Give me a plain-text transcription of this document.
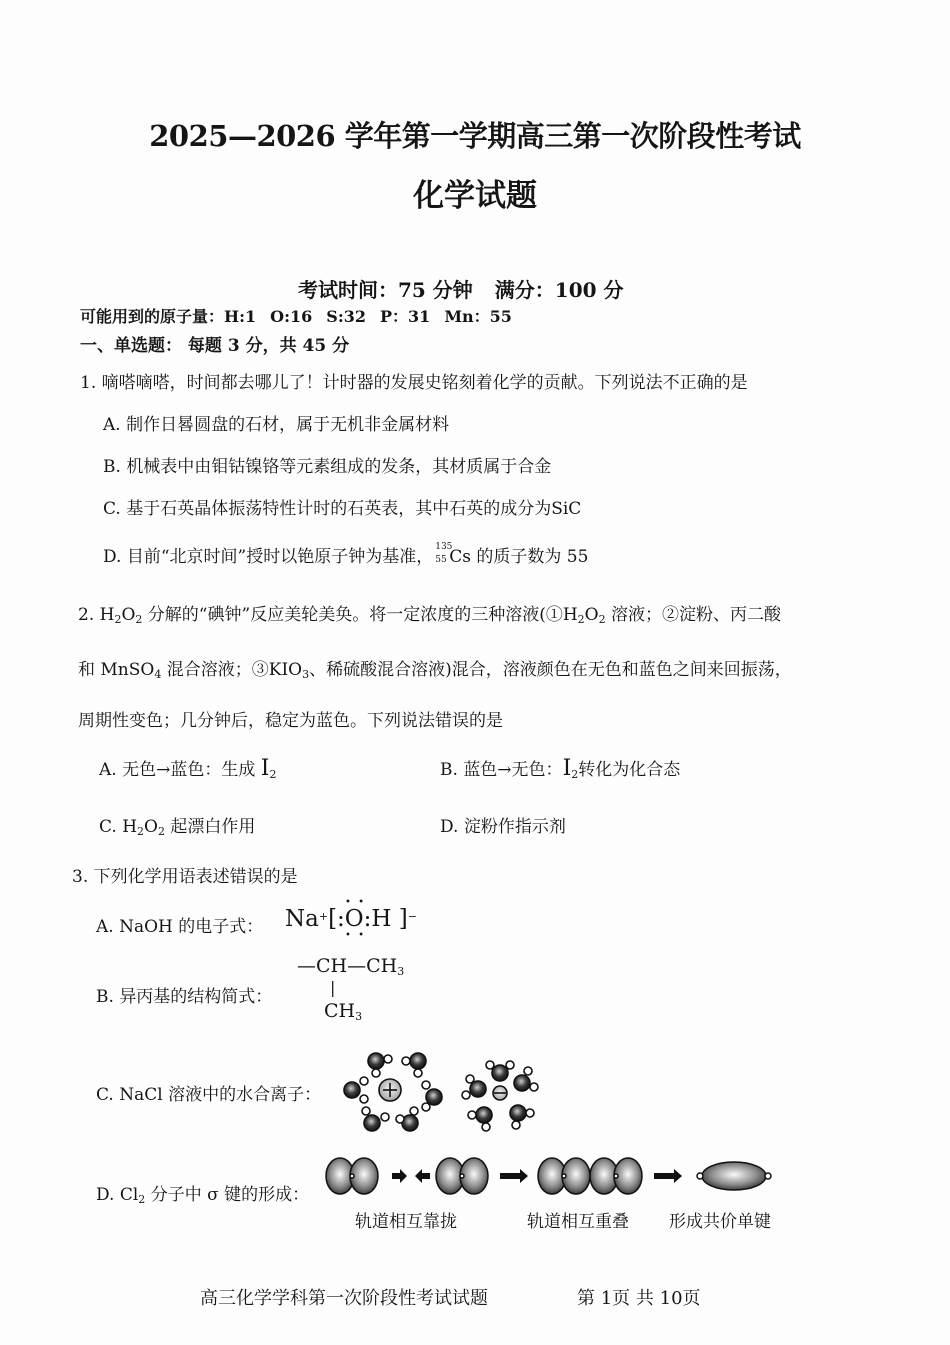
2025—2026 学年第一学期高三第一次阶段性考试
化学试题
考试时间：75 分钟 满分：100 分
可能用到的原子量：H:1 O:16 S:32 P：31 Mn：55
一、单选题： 每题 3 分，共 45 分
1. 嘀嗒嘀嗒，时间都去哪儿了！计时器的发展史铭刻着化学的贡献。下列说法不正确的是
A. 制作日晷圆盘的石材，属于无机非金属材料
B. 机械表中由钼钴镍铬等元素组成的发条，其材质属于合金
C. 基于石英晶体振荡特性计时的石英表，其中石英的成分为SiC
D. 目前“北京时间”授时以铯原子钟为基准， 135
55 Cs 的质子数为 55
2. $H_2O_2$ 分解的“碘钟”反应美轮美奂。将一定浓度的三种溶液($①H_2O_2$ 溶液；②淀粉、丙二酸
和 MnSO$_4$ 混合溶液；$③KIO_3$、稀硫酸混合溶液)混合，溶液颜色在无色和蓝色之间来回振荡，
周期性变色；几分钟后，稳定为蓝色。下列说法错误的是
A. 无色→蓝色：生成 $I_2$	B. 蓝色→无色：$I_2$转化为化合态
C. $H_2O_2$ 起漂白作用	D. 淀粉作指示剂
3. 下列化学用语表述错误的是
A. NaOH 的电子式： Na+[:O:H ]−
• •
• •
B. 异丙基的结构简式：
$—CH—CH_3$
|
$CH_3$
C. NaCl 溶液中的水合离子：
D. $Cl_2$ 分子中 σ 键的形成：
轨道相互靠拢	轨道相互重叠 形成共价单键
高三化学学科第一次阶段性考试试题	第 1页 共 10页
